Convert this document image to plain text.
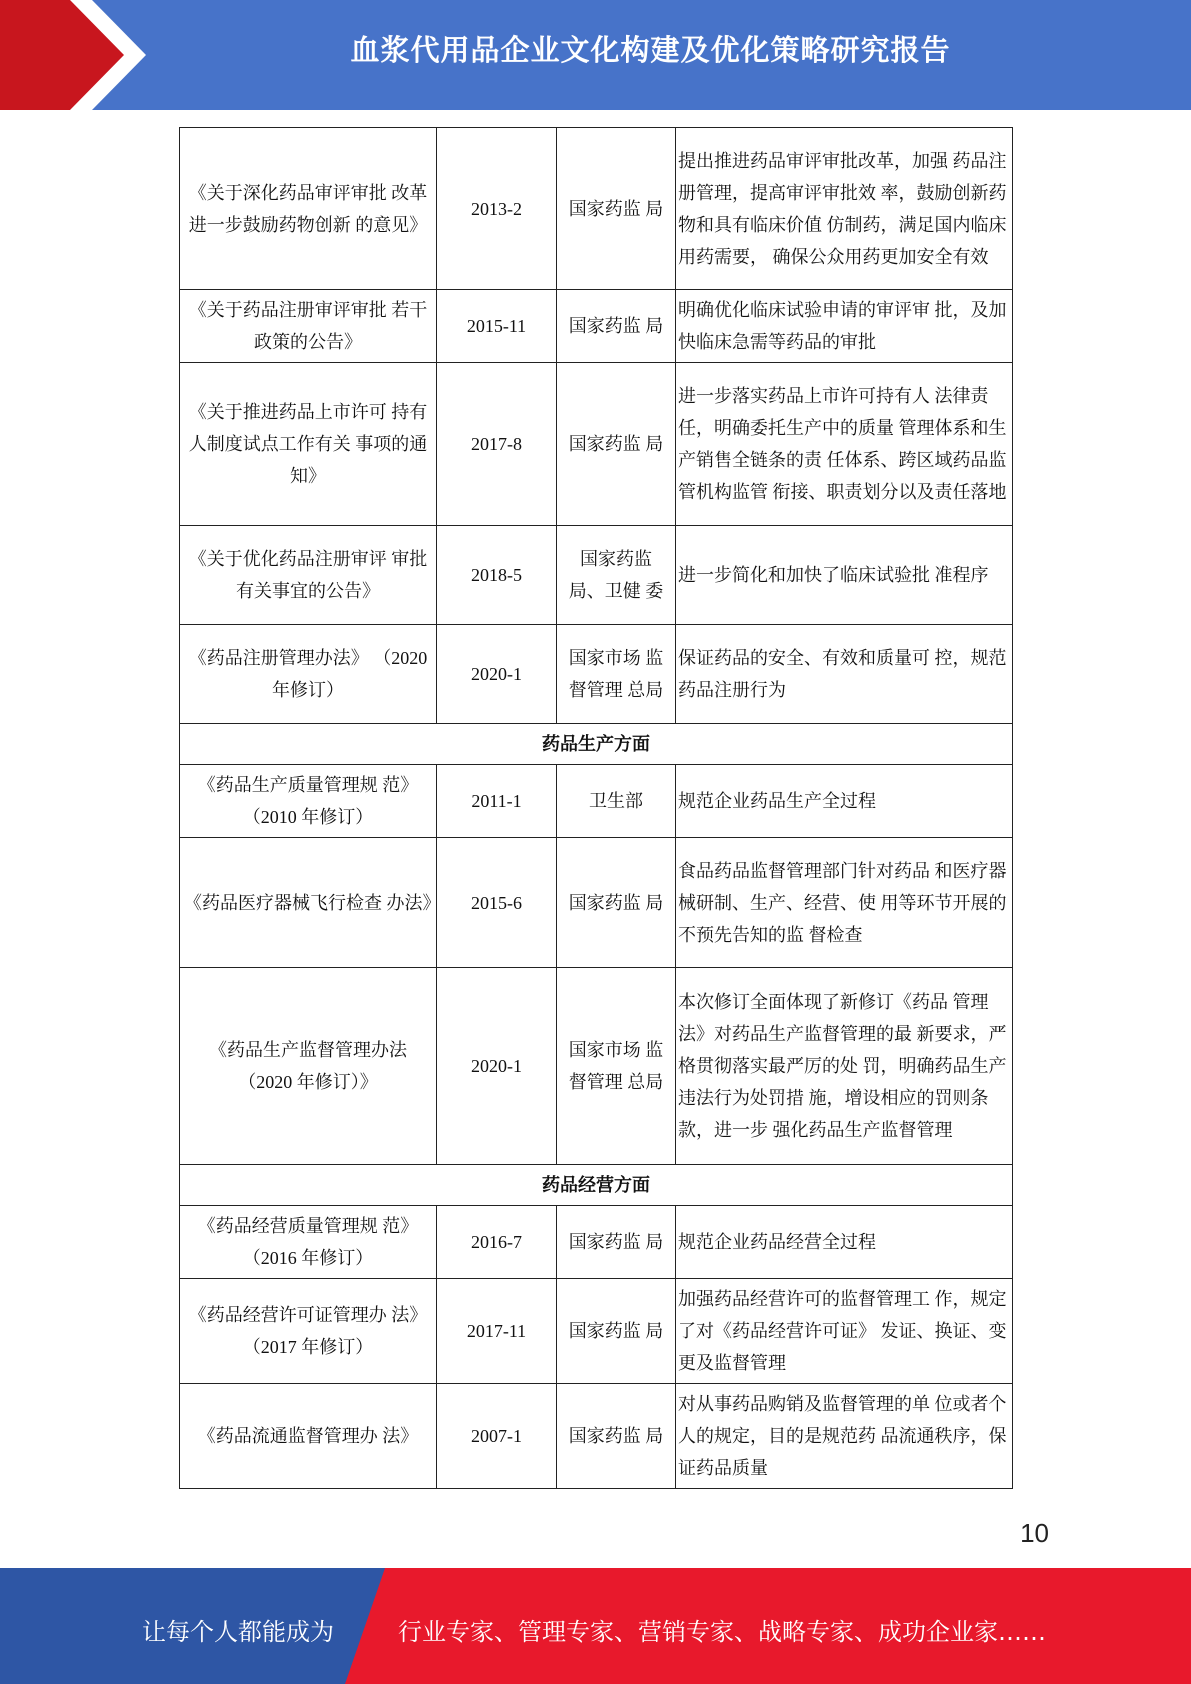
血浆代用品企业文化构建及优化策略研究报告
《关于深化药品审评审批 改革进一步鼓励药物创新 的意见》	2013-2	国家药监 局	提出推进药品审评审批改革，加强 药品注册管理，提高审评审批效 率，鼓励创新药物和具有临床价值 仿制药，满足国内临床用药需要， 确保公众用药更加安全有效
《关于药品注册审评审批 若干政策的公告》	2015-11	国家药监 局	明确优化临床试验申请的审评审 批，及加快临床急需等药品的审批
《关于推进药品上市许可 持有人制度试点工作有关 事项的通知》	2017-8	国家药监 局	进一步落实药品上市许可持有人 法律责任，明确委托生产中的质量 管理体系和生产销售全链条的责 任体系、跨区域药品监管机构监管 衔接、职责划分以及责任落地
《关于优化药品注册审评 审批有关事宜的公告》	2018-5	国家药监 局、卫健 委	进一步简化和加快了临床试验批 准程序
《药品注册管理办法》 （2020 年修订）	2020-1	国家市场 监督管理 总局	保证药品的安全、有效和质量可 控，规范药品注册行为
药品生产方面			
《药品生产质量管理规 范》（2010 年修订）	2011-1	卫生部	规范企业药品生产全过程
《药品医疗器械飞行检查 办法》	2015-6	国家药监 局	食品药品监督管理部门针对药品 和医疗器械研制、生产、经营、使 用等环节开展的不预先告知的监 督检查
《药品生产监督管理办法 （2020 年修订）》	2020-1	国家市场 监督管理 总局	本次修订全面体现了新修订《药品 管理法》对药品生产监督管理的最 新要求，严格贯彻落实最严厉的处 罚，明确药品生产违法行为处罚措 施，增设相应的罚则条款，进一步 强化药品生产监督管理
药品经营方面			
《药品经营质量管理规 范》（2016 年修订）	2016-7	国家药监 局	规范企业药品经营全过程
《药品经营许可证管理办 法》（2017 年修订）	2017-11	国家药监 局	加强药品经营许可的监督管理工 作，规定了对《药品经营许可证》 发证、换证、变更及监督管理
《药品流通监督管理办 法》	2007-1	国家药监 局	对从事药品购销及监督管理的单 位或者个人的规定，目的是规范药 品流通秩序，保证药品质量
10
让每个人都能成为	行业专家、管理专家、营销专家、战略专家、成功企业家……
